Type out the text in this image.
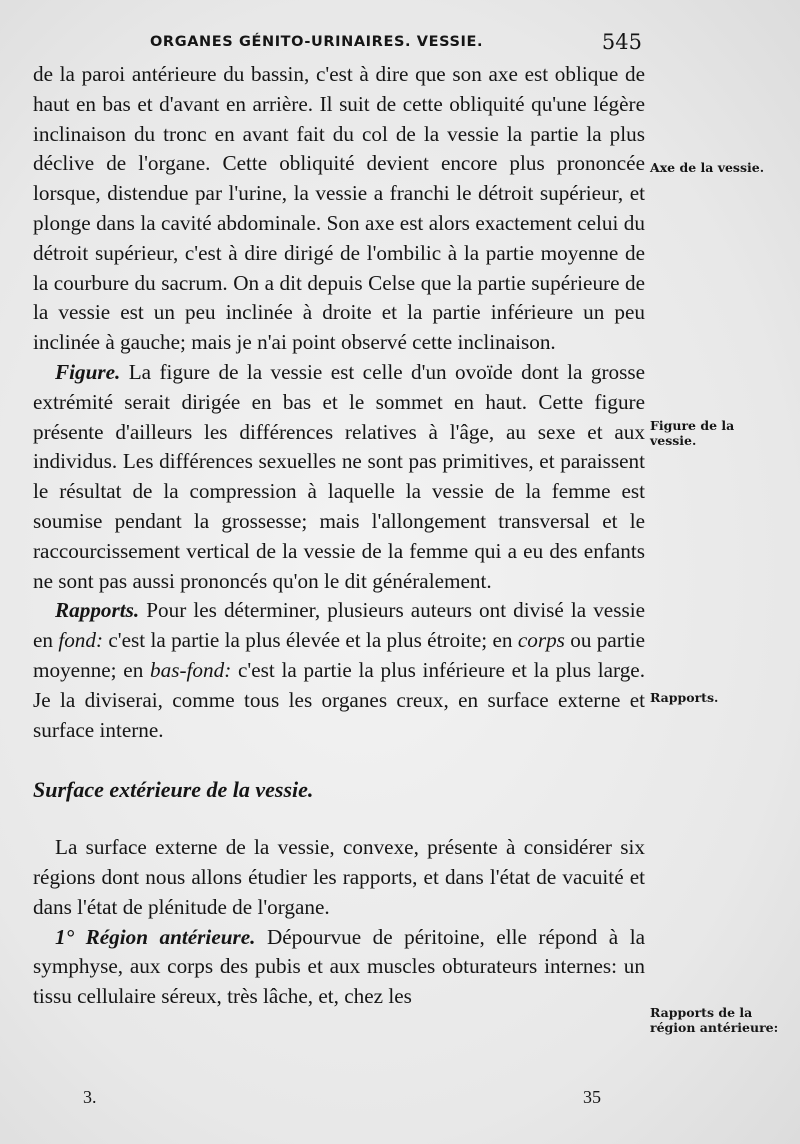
ORGANES GÉNITO-URINAIRES. VESSIE.	545

de la paroi antérieure du bassin, c'est à dire que son axe est oblique de haut en bas et d'avant en arrière. Il suit de cette obliquité qu'une légère inclinaison du tronc en avant fait du col de la vessie la partie la plus déclive de l'organe. Cette obliquité devient encore plus prononcée lorsque, distendue par l'urine, la vessie a franchi le détroit supérieur, et plonge dans la cavité abdominale. Son axe est alors exactement celui du détroit supérieur, c'est à dire dirigé de l'ombilic à la partie moyenne de la courbure du sacrum. On a dit depuis Celse que la partie supérieure de la vessie est un peu inclinée à droite et la partie inférieure un peu inclinée à gauche; mais je n'ai point observé cette inclinaison.

Figure. La figure de la vessie est celle d'un ovoïde dont la grosse extrémité serait dirigée en bas et le sommet en haut. Cette figure présente d'ailleurs les différences relatives à l'âge, au sexe et aux individus. Les différences sexuelles ne sont pas primitives, et paraissent le résultat de la compression à laquelle la vessie de la femme est soumise pendant la grossesse; mais l'allongement transversal et le raccourcissement vertical de la vessie de la femme qui a eu des enfants ne sont pas aussi prononcés qu'on le dit généralement.

Rapports. Pour les déterminer, plusieurs auteurs ont divisé la vessie en fond: c'est la partie la plus élevée et la plus étroite; en corps ou partie moyenne; en bas-fond: c'est la partie la plus inférieure et la plus large. Je la diviserai, comme tous les organes creux, en surface externe et surface interne.

Surface extérieure de la vessie.

La surface externe de la vessie, convexe, présente à considérer six régions dont nous allons étudier les rapports, et dans l'état de vacuité et dans l'état de plénitude de l'organe.

1° Région antérieure. Dépourvue de péritoine, elle répond à la symphyse, aux corps des pubis et aux muscles obturateurs internes: un tissu cellulaire séreux, très lâche, et, chez les

Axe de la vessie.
Figure de la vessie.
Rapports.
Rapports de la région antérieure:
3.	35
